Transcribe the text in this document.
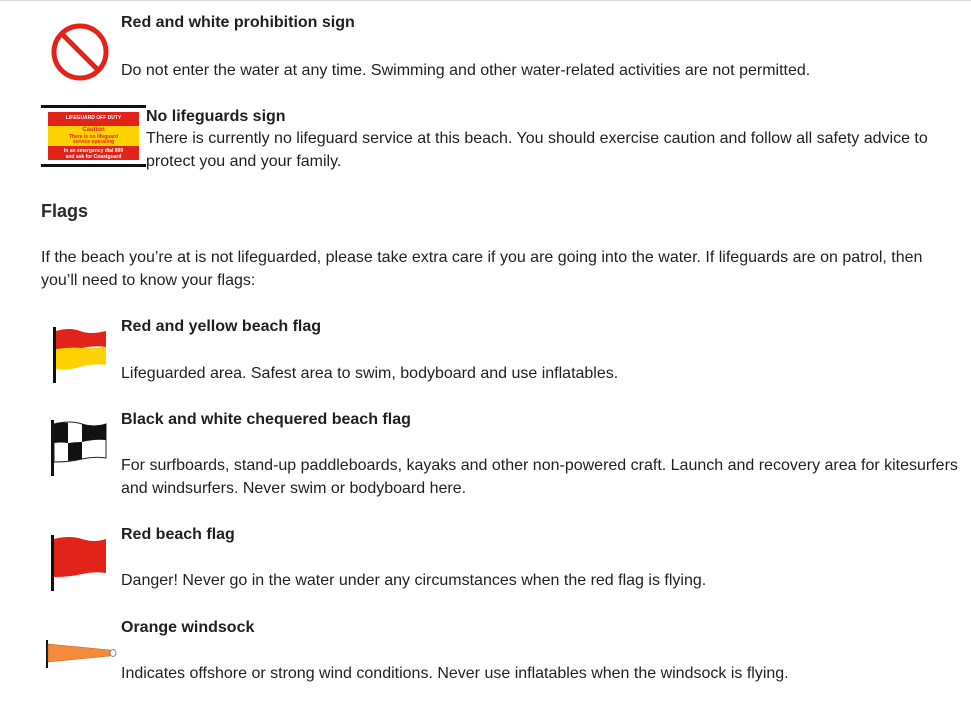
Red and white prohibition sign
Do not enter the water at any time. Swimming and other water-related activities are not permitted.
LIFEGUARD OFF DUTY
Caution
There is no lifeguard
service operating
In an emergency dial 999
and ask for Coastguard
No lifeguards sign
There is currently no lifeguard service at this beach. You should exercise caution and follow all safety advice to protect you and your family.
Flags
If the beach you’re at is not lifeguarded, please take extra care if you are going into the water. If lifeguards are on patrol, then you’ll need to know your flags:
Red and yellow beach flag
Lifeguarded area. Safest area to swim, bodyboard and use inflatables.
Black and white chequered beach flag
For surfboards, stand-up paddleboards, kayaks and other non-powered craft. Launch and recovery area for kitesurfers and windsurfers. Never swim or bodyboard here.
Red beach flag
Danger! Never go in the water under any circumstances when the red flag is flying.
Orange windsock
Indicates offshore or strong wind conditions. Never use inflatables when the windsock is flying.
